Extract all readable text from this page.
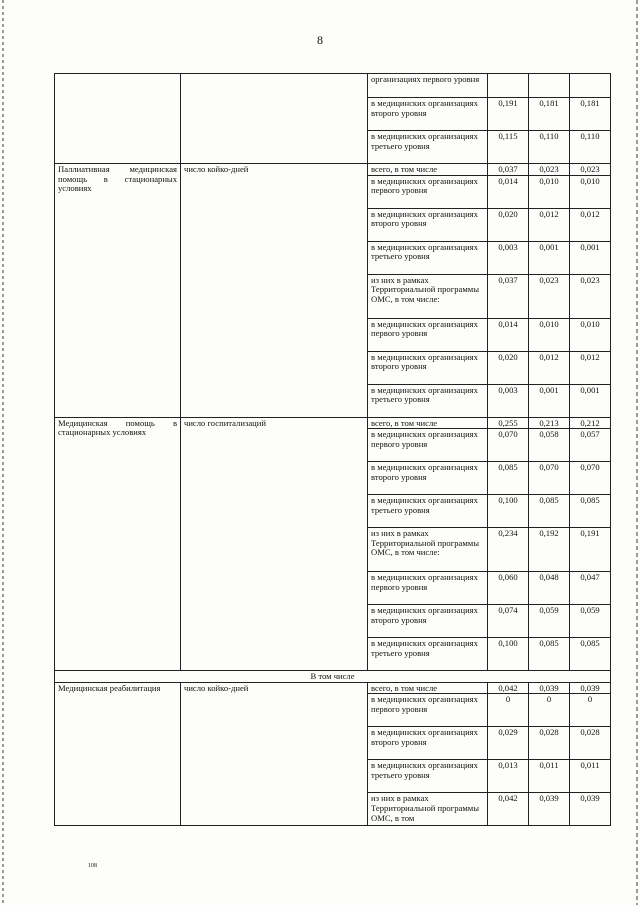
8
		организациях первого уровня			
		в медицинских организациях второго уровня	0,191	0,181	0,181
		в медицинских организациях третьего уровня	0,115	0,110	0,110
Паллиативная медицинская помощь в стационарных условиях	число койко-дней	всего, в том числе	0,037	0,023	0,023
		в медицинских организациях первого уровня	0,014	0,010	0,010
		в медицинских организациях второго уровня	0,020	0,012	0,012
		в медицинских организациях третьего уровня	0,003	0,001	0,001
		из них в рамках Территориальной программы ОМС, в том числе:	0,037	0,023	0,023
		в медицинских организациях первого уровня	0,014	0,010	0,010
		в медицинских организациях второго уровня	0,020	0,012	0,012
		в медицинских организациях третьего уровня	0,003	0,001	0,001
Медицинская помощь в стационарных условиях	число госпитализаций	всего, в том числе	0,255	0,213	0,212
		в медицинских организациях первого уровня	0,070	0,058	0,057
		в медицинских организациях второго уровня	0,085	0,070	0,070
		в медицинских организациях третьего уровня	0,100	0,085	0,085
		из них в рамках Территориальной программы ОМС, в том числе:	0,234	0,192	0,191
		в медицинских организациях первого уровня	0,060	0,048	0,047
		в медицинских организациях второго уровня	0,074	0,059	0,059
		в медицинских организациях третьего уровня	0,100	0,085	0,085
В том числе					
Медицинская реабилитация	число койко-дней	всего, в том числе	0,042	0,039	0,039
		в медицинских организациях первого уровня	0	0	0
		в медицинских организациях второго уровня	0,029	0,028	0,028
		в медицинских организациях третьего уровня	0,013	0,011	0,011
		из них в рамках Территориальной программы ОМС, в том	0,042	0,039	0,039
108
